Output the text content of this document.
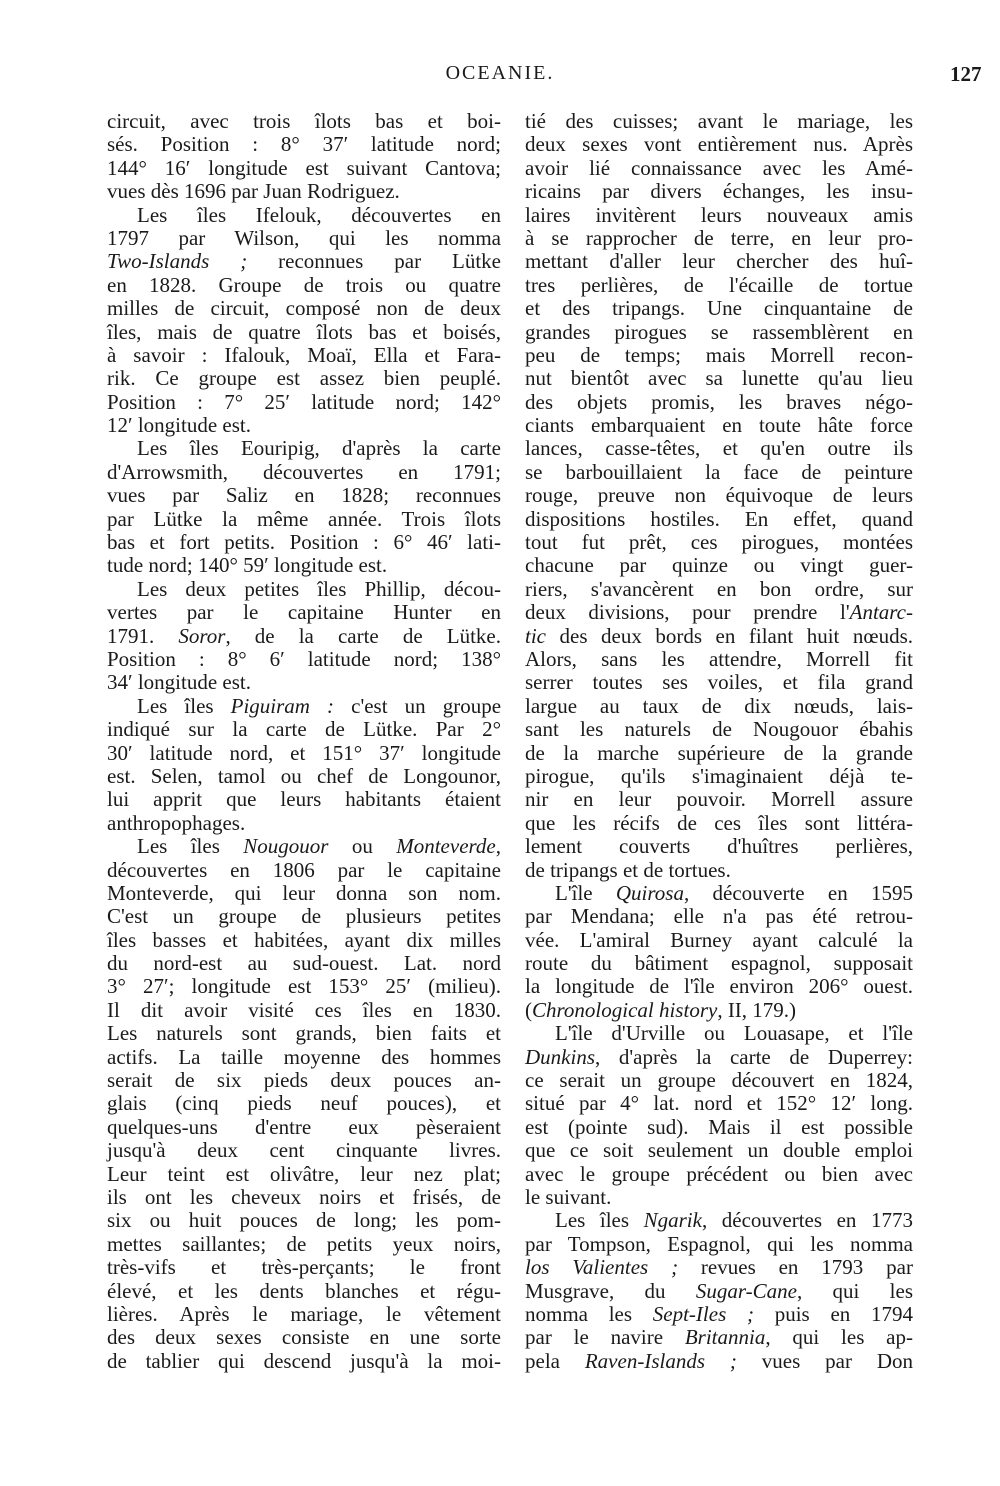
OCEANIE.	127
circuit, avec trois îlots bas et boi-
sés. Position : 8° 37′ latitude nord;
144° 16′ longitude est suivant Cantova;
vues dès 1696 par Juan Rodriguez.
Les îles Ifelouk, découvertes en
1797 par Wilson, qui les nomma
Two-Islands ; reconnues par Lütke
en 1828. Groupe de trois ou quatre
milles de circuit, composé non de deux
îles, mais de quatre îlots bas et boisés,
à savoir : Ifalouk, Moaï, Ella et Fara-
rik. Ce groupe est assez bien peuplé.
Position : 7° 25′ latitude nord; 142°
12′ longitude est.
Les îles Eouripig, d'après la carte
d'Arrowsmith, découvertes en 1791;
vues par Saliz en 1828; reconnues
par Lütke la même année. Trois îlots
bas et fort petits. Position : 6° 46′ lati-
tude nord; 140° 59′ longitude est.
Les deux petites îles Phillip, décou-
vertes par le capitaine Hunter en
1791. Soror, de la carte de Lütke.
Position : 8° 6′ latitude nord; 138°
34′ longitude est.
Les îles Piguiram : c'est un groupe
indiqué sur la carte de Lütke. Par 2°
30′ latitude nord, et 151° 37′ longitude
est. Selen, tamol ou chef de Longounor,
lui apprit que leurs habitants étaient
anthropophages.
Les îles Nougouor ou Monteverde,
découvertes en 1806 par le capitaine
Monteverde, qui leur donna son nom.
C'est un groupe de plusieurs petites
îles basses et habitées, ayant dix milles
du nord-est au sud-ouest. Lat. nord
3° 27′; longitude est 153° 25′ (milieu).
Il dit avoir visité ces îles en 1830.
Les naturels sont grands, bien faits et
actifs. La taille moyenne des hommes
serait de six pieds deux pouces an-
glais (cinq pieds neuf pouces), et
quelques-uns d'entre eux pèseraient
jusqu'à deux cent cinquante livres.
Leur teint est olivâtre, leur nez plat;
ils ont les cheveux noirs et frisés, de
six ou huit pouces de long; les pom-
mettes saillantes; de petits yeux noirs,
très-vifs et très-perçants; le front
élevé, et les dents blanches et régu-
lières. Après le mariage, le vêtement
des deux sexes consiste en une sorte
de tablier qui descend jusqu'à la moi-
tié des cuisses; avant le mariage, les
deux sexes vont entièrement nus. Après
avoir lié connaissance avec les Amé-
ricains par divers échanges, les insu-
laires invitèrent leurs nouveaux amis
à se rapprocher de terre, en leur pro-
mettant d'aller leur chercher des huî-
tres perlières, de l'écaille de tortue
et des tripangs. Une cinquantaine de
grandes pirogues se rassemblèrent en
peu de temps; mais Morrell recon-
nut bientôt avec sa lunette qu'au lieu
des objets promis, les braves négo-
ciants embarquaient en toute hâte force
lances, casse-têtes, et qu'en outre ils
se barbouillaient la face de peinture
rouge, preuve non équivoque de leurs
dispositions hostiles. En effet, quand
tout fut prêt, ces pirogues, montées
chacune par quinze ou vingt guer-
riers, s'avancèrent en bon ordre, sur
deux divisions, pour prendre l'Antarc-
tic des deux bords en filant huit nœuds.
Alors, sans les attendre, Morrell fit
serrer toutes ses voiles, et fila grand
largue au taux de dix nœuds, lais-
sant les naturels de Nougouor ébahis
de la marche supérieure de la grande
pirogue, qu'ils s'imaginaient déjà te-
nir en leur pouvoir. Morrell assure
que les récifs de ces îles sont littéra-
lement couverts d'huîtres perlières,
de tripangs et de tortues.
L'île Quirosa, découverte en 1595
par Mendana; elle n'a pas été retrou-
vée. L'amiral Burney ayant calculé la
route du bâtiment espagnol, supposait
la longitude de l'île environ 206° ouest.
(Chronological history, II, 179.)
L'île d'Urville ou Louasape, et l'île
Dunkins, d'après la carte de Duperrey:
ce serait un groupe découvert en 1824,
situé par 4° lat. nord et 152° 12′ long.
est (pointe sud). Mais il est possible
que ce soit seulement un double emploi
avec le groupe précédent ou bien avec
le suivant.
Les îles Ngarik, découvertes en 1773
par Tompson, Espagnol, qui les nomma
los Valientes ; revues en 1793 par
Musgrave, du Sugar-Cane, qui les
nomma les Sept-Iles ; puis en 1794
par le navire Britannia, qui les ap-
pela Raven-Islands ; vues par Don
